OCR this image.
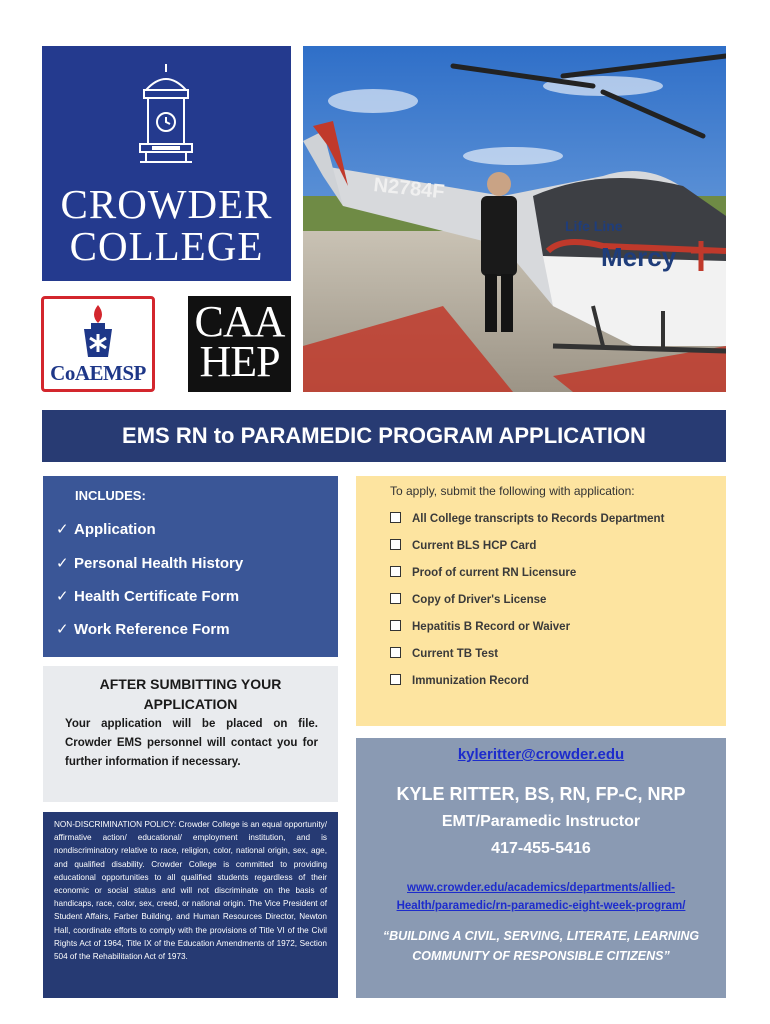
CROWDER
COLLEGE
CoAEMSP
CAA
HEP
N2784F
Life Line
Mercy
EMS RN to PARAMEDIC PROGRAM APPLICATION
INCLUDES:
✓ Application
✓ Personal Health History
✓ Health Certificate Form
✓ Work Reference Form
AFTER SUMBITTING YOUR APPLICATION
Your application will be placed on file. Crowder EMS personnel will contact you for further information if necessary.
NON-DISCRIMINATION POLICY: Crowder College is an equal opportunity/ affirmative action/ educational/ employment institution, and is nondiscriminatory relative to race, religion, color, national origin, sex, age, and qualified disability. Crowder College is committed to providing educational opportunities to all qualified students regardless of their economic or social status and will not discriminate on the basis of handicaps, race, color, sex, creed, or national origin. The Vice President of Student Affairs, Farber Building, and Human Resources Director, Newton Hall, coordinate efforts to comply with the provisions of Title VI of the Civil Rights Act of 1964, Title IX of the Education Amendments of 1972, Section 504 of the Rehabilitation Act of 1973.
To apply, submit the following with application:
All College transcripts to Records Department
Current BLS HCP Card
Proof of current RN Licensure
Copy of Driver's License
Hepatitis B Record or Waiver
Current TB Test
Immunization Record
kyleritter@crowder.edu
KYLE RITTER, BS, RN, FP-C, NRP
EMT/Paramedic Instructor
417-455-5416
www.crowder.edu/academics/departments/allied-Health/paramedic/rn-paramedic-eight-week-program/
“BUILDING A CIVIL, SERVING, LITERATE, LEARNING COMMUNITY OF RESPONSIBLE CITIZENS”
